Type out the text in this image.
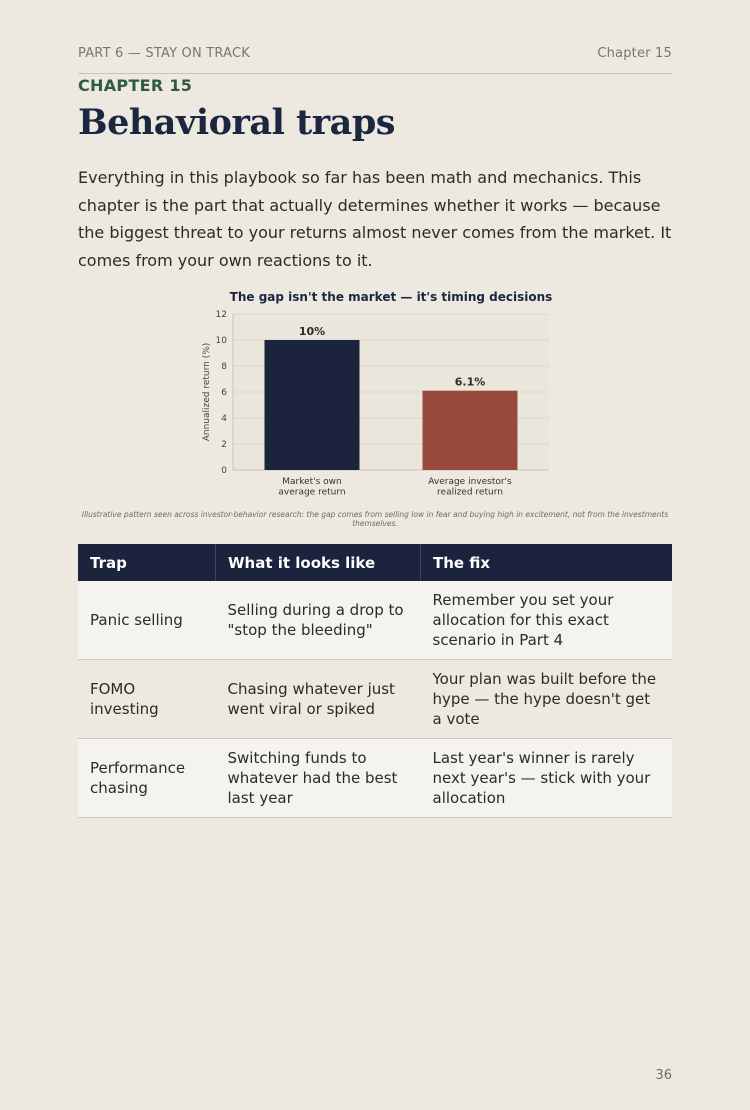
PART 6 — STAY ON TRACK	Chapter 15
CHAPTER 15
Behavioral traps

Everything in this playbook so far has been math and mechanics. This chapter is the part that actually determines whether it works — because the biggest threat to your returns almost never comes from the market. It comes from your own reactions to it.

The gap isn't the market — it's timing decisions
0
2
4
6
8
10
12
Annualized return (%)
10%
Market's own
average return
6.1%
Average investor's
realized return
Illustrative pattern seen across investor-behavior research: the gap comes from selling low in fear and buying high in excitement, not from the investments themselves.
Trap	What it looks like	The fix
Panic selling	Selling during a drop to "stop the bleeding"	Remember you set your allocation for this exact scenario in Part 4
FOMO investing	Chasing whatever just went viral or spiked	Your plan was built before the hype — the hype doesn't get a vote
Performance chasing	Switching funds to whatever had the best last year	Last year's winner is rarely next year's — stick with your allocation
36
